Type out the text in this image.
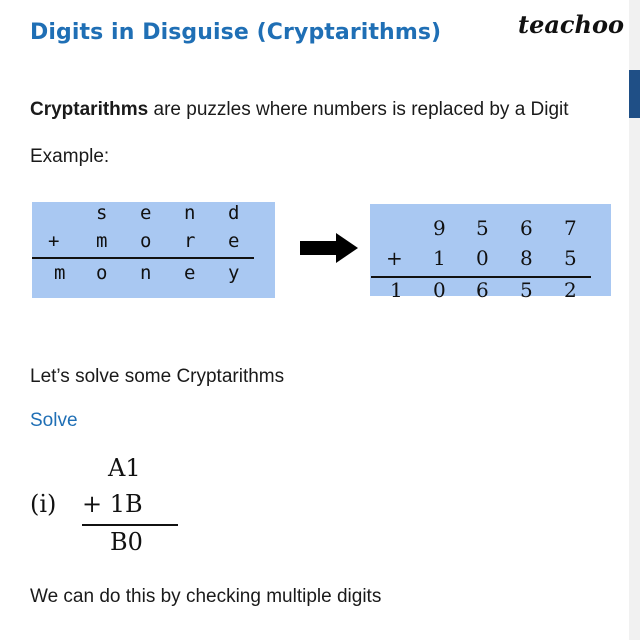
Digits in Disguise (Cryptarithms)	teachoo
Cryptarithms are puzzles where numbers is replaced by a Digit
Example:
s e n d
+ m o r e
m o n e y
9 5 6 7
+ 1 0 8 5
1 0 6 5 2
Let’s solve some Cryptarithms
Solve
A1
(i) + 1B
B0
We can do this by checking multiple digits
